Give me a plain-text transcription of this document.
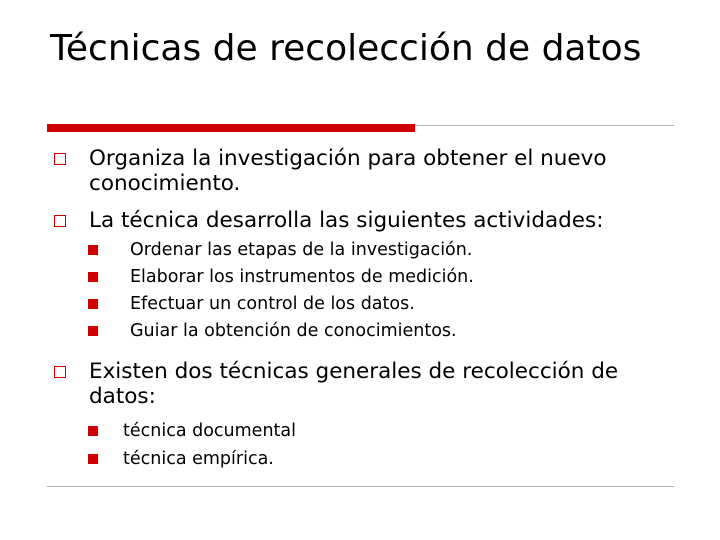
Técnicas de recolección de datos
Organiza la investigación para obtener el nuevo conocimiento.
La técnica desarrolla las siguientes actividades:
Ordenar las etapas de la investigación.
Elaborar los instrumentos de medición.
Efectuar un control de los datos.
Guiar la obtención de conocimientos.
Existen dos técnicas generales de recolección de datos:
técnica documental
técnica empírica.
